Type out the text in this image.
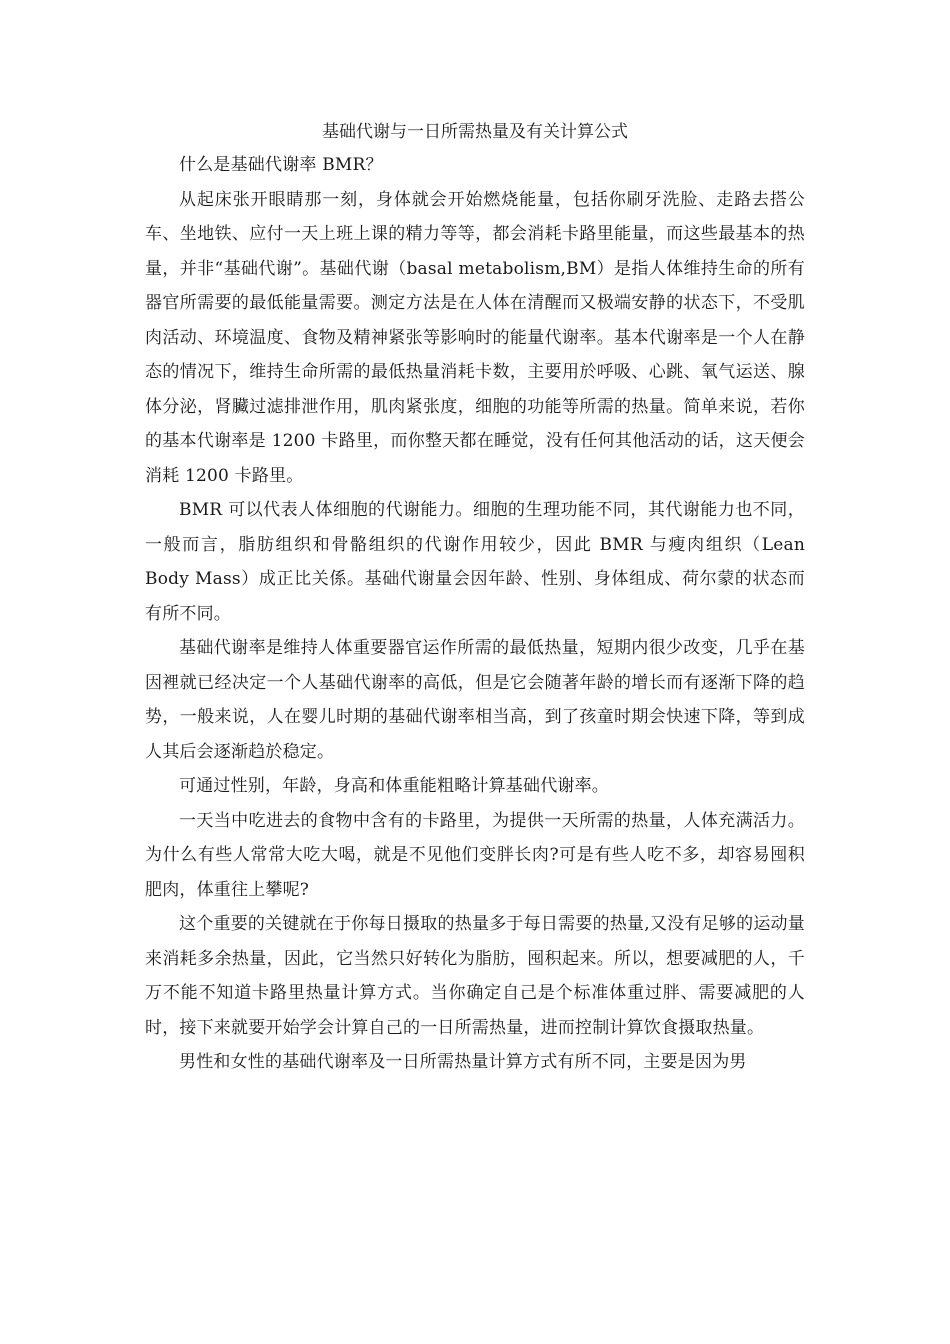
基础代谢与一日所需热量及有关计算公式

什么是基础代谢率 BMR？

从起床张开眼睛那一刻，身体就会开始燃烧能量，包括你刷牙洗脸、走路去搭公车、坐地铁、应付一天上班上课的精力等等，都会消耗卡路里能量，而这些最基本的热量，并非“基础代谢”。基础代谢（basal metabolism,BM）是指人体维持生命的所有器官所需要的最低能量需要。测定方法是在人体在清醒而又极端安静的状态下，不受肌肉活动、环境温度、食物及精神紧张等影响时的能量代谢率。基本代谢率是一个人在静态的情况下，维持生命所需的最低热量消耗卡数，主要用於呼吸、心跳、氧气运送、腺体分泌，肾臟过滤排泄作用，肌肉紧张度，细胞的功能等所需的热量。简单来说，若你的基本代谢率是 1200 卡路里，而你整天都在睡觉，没有任何其他活动的话，这天便会消耗 1200 卡路里。

BMR 可以代表人体细胞的代谢能力。细胞的生理功能不同，其代谢能力也不同，一般而言，脂肪组织和骨骼组织的代谢作用较少，因此 BMR 与瘦肉组织（Lean Body Mass）成正比关係。基础代谢量会因年龄、性别、身体组成、荷尔蒙的状态而有所不同。

基础代谢率是维持人体重要器官运作所需的最低热量，短期内很少改变，几乎在基因裡就已经决定一个人基础代谢率的高低，但是它会随著年龄的增长而有逐渐下降的趋势，一般来说，人在婴儿时期的基础代谢率相当高，到了孩童时期会快速下降，等到成人其后会逐渐趋於稳定。

可通过性别，年龄，身高和体重能粗略计算基础代谢率。

一天当中吃进去的食物中含有的卡路里，为提供一天所需的热量，人体充满活力。为什么有些人常常大吃大喝，就是不见他们变胖长肉?可是有些人吃不多，却容易囤积肥肉，体重往上攀呢?

这个重要的关键就在于你每日摄取的热量多于每日需要的热量,又没有足够的运动量来消耗多余热量，因此，它当然只好转化为脂肪，囤积起来。所以，想要减肥的人，千万不能不知道卡路里热量计算方式。当你确定自己是个标准体重过胖、需要减肥的人时，接下来就要开始学会计算自己的一日所需热量，进而控制计算饮食摄取热量。

男性和女性的基础代谢率及一日所需热量计算方式有所不同，主要是因为男
